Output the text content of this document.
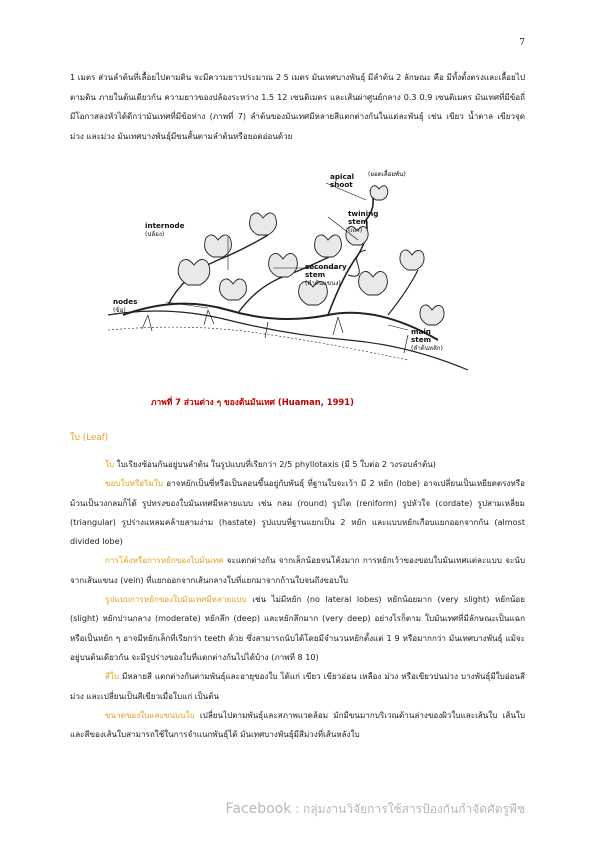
7
1 เมตร ส่วนลำต้นที่เลื้อยไปตามดิน จะมีความยาวประมาณ 2 5 เมตร มันเทศบางพันธุ์ มีลำต้น 2 ลักษณะ คือ มีทั้งตั้งตรงและเลื้อยไปตามดิน ภายในต้นเดียวกัน ความยาวของปล้องระหว่าง 1.5 12 เซนติเมตร และเส้นผ่าศูนย์กลาง 0.3 0.9 เซนติเมตร มันเทศที่มีข้อถี่มีโอกาสลงหัวได้ดีกว่ามันเทศที่มีข้อห่าง (ภาพที่ 7) ลำต้นของมันเทศมีหลายสีแตกต่างกันในแต่ละพันธุ์ เช่น เขียว น้ำตาล เขียวจุดม่วง และม่วง มันเทศบางพันธุ์มีขนสั้นตามลำต้นหรือยอดอ่อนด้วย
apical
shoot
(ยอดเลื้อยพัน)
twining
stem
(เถา)
internode
(ปล้อง)
secondary
stem
(ลำต้นแขนง)
nodes
(ข้อ)
main
stem
(ลำต้นหลัก)
ภาพที่ 7 ส่วนต่าง ๆ ของต้นมันเทศ (Huaman, 1991)
ใบ (Leaf)

ใบ ใบเรียงซ้อนกันอยู่บนลำต้น ในรูปแบบที่เรียกว่า 2/5 phyllotaxis (มี 5 ใบต่อ 2 วงรอบลำต้น)

ขอบใบหรือริมใบ อาจหยักเป็นซี่หรือเป็นลอนขึ้นอยู่กับพันธุ์ ที่ฐานใบจะเว้า มี 2 หยัก (lobe) อาจเปลี่ยนเป็นเหยียดตรงหรือม้วนเป็นวงกลมก็ได้ รูปทรงของใบมันเทศมีหลายแบบ เช่น กลม (round) รูปไต (reniform) รูปหัวใจ (cordate) รูปสามเหลี่ยม (triangular) รูปร่างแหลมคล้ายสามง่าม (hastate) รูปแบบที่ฐานแยกเป็น 2 หยัก และแบบหยักเกือบแยกออกจากกัน (almost divided lobe)

การโค้งหรือการหยักของใบมันเทศ จะแตกต่างกัน จากเล็กน้อยจนโค้งมาก การหยักเว้าของขอบใบมันเทศแต่ละแบบ จะนับจากเส้นแขนง (vein) ที่แยกออกจากเส้นกลางใบที่แยกมาจากก้านใบจนถึงขอบใบ

รูปแบบการหยักของใบมันเทศมีหลายแบบ เช่น ไม่มีหยัก (no lateral lobes) หยักน้อยมาก (very slight) หยักน้อย (slight) หยักปานกลาง (moderate) หยักลึก (deep) และหยักลึกมาก (very deep) อย่างไรก็ตาม ใบมันเทศที่มีลักษณะเป็นแฉกหรือเป็นหยัก ๆ อาจมีหยักเล็กที่เรียกว่า teeth ด้วย ซึ่งสามารถนับได้โดยมีจำนวนหยักตั้งแต่ 1 9 หรือมากกว่า มันเทศบางพันธุ์ แม้จะอยู่บนต้นเดียวกัน จะมีรูปร่างของใบที่แตกต่างกันไปได้บ้าง (ภาพที่ 8 10)

สีใบ มีหลายสี แตกต่างกันตามพันธุ์และอายุของใบ ได้แก่ เขียว เขียวอ่อน เหลือง ม่วง หรือเขียวปนม่วง บางพันธุ์มีใบอ่อนสีม่วง และเปลี่ยนเป็นสีเขียวเมื่อใบแก่ เป็นต้น

ขนาดของใบและขนบนใบ เปลี่ยนไปตามพันธุ์และสภาพแวดล้อม มักมีขนมากบริเวณด้านล่างของผิวใบและเส้นใบ เส้นใบและสีของเส้นใบสามารถใช้ในการจำแนกพันธุ์ได้ มันเทศบางพันธุ์มีสีม่วงที่เส้นหลังใบ

Facebook : กลุ่มงานวิจัยการใช้สารป้องกันกำจัดศัตรูพืช
